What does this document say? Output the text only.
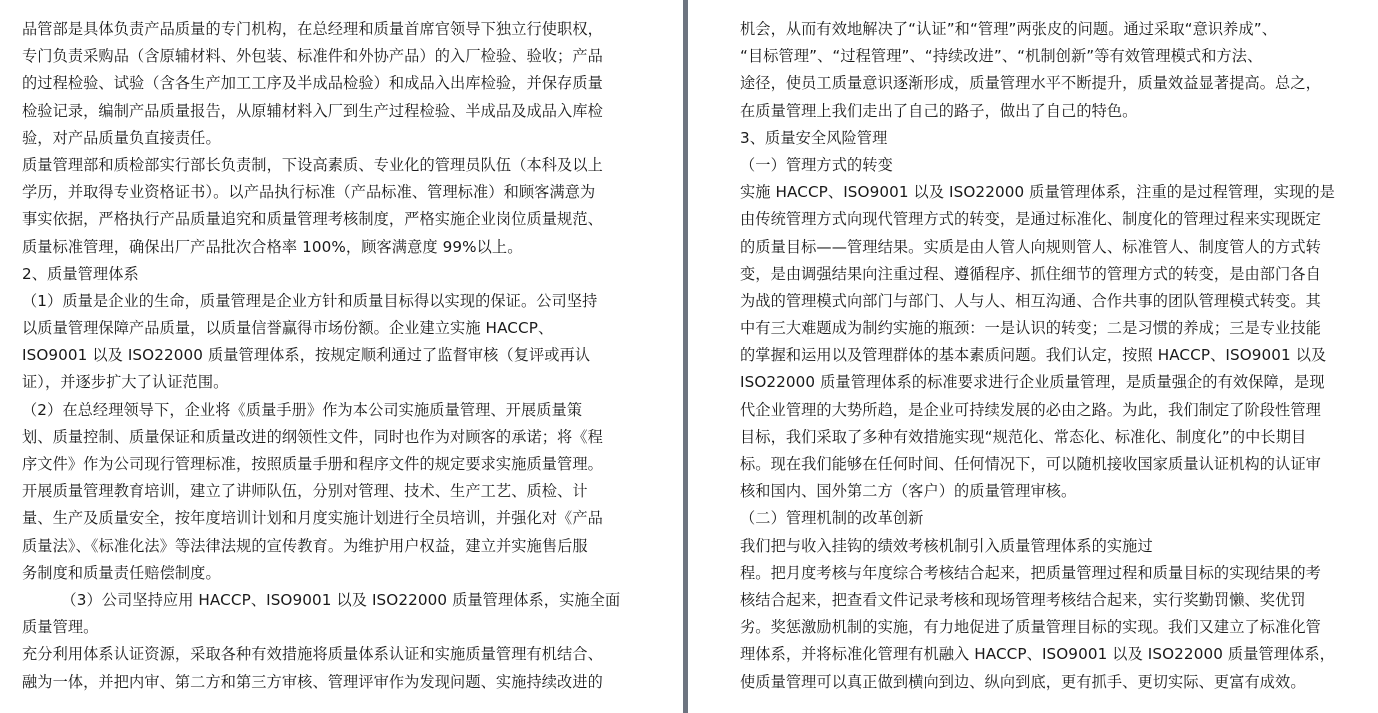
品管部是具体负责产品质量的专门机构，在总经理和质量首席官领导下独立行使职权，
专门负责采购品（含原辅材料、外包装、标准件和外协产品）的入厂检验、验收；产品
的过程检验、试验（含各生产加工工序及半成品检验）和成品入出库检验，并保存质量
检验记录，编制产品质量报告，从原辅材料入厂到生产过程检验、半成品及成品入库检
验，对产品质量负直接责任。
质量管理部和质检部实行部长负责制，下设高素质、专业化的管理员队伍（本科及以上
学历，并取得专业资格证书）。以产品执行标准（产品标准、管理标准）和顾客满意为
事实依据，严格执行产品质量追究和质量管理考核制度，严格实施企业岗位质量规范、
质量标准管理，确保出厂产品批次合格率 100%，顾客满意度 99%以上。
2、质量管理体系
（1）质量是企业的生命，质量管理是企业方针和质量目标得以实现的保证。公司坚持
以质量管理保障产品质量，以质量信誉赢得市场份额。企业建立实施 HACCP、
ISO9001 以及 ISO22000 质量管理体系，按规定顺利通过了监督审核（复评或再认
证），并逐步扩大了认证范围。
（2）在总经理领导下，企业将《质量手册》作为本公司实施质量管理、开展质量策
划、质量控制、质量保证和质量改进的纲领性文件，同时也作为对顾客的承诺；将《程
序文件》作为公司现行管理标准，按照质量手册和程序文件的规定要求实施质量管理。
开展质量管理教育培训，建立了讲师队伍，分别对管理、技术、生产工艺、质检、计
量、生产及质量安全，按年度培训计划和月度实施计划进行全员培训，并强化对《产品
质量法》、《标准化法》等法律法规的宣传教育。为维护用户权益，建立并实施售后服
务制度和质量责任赔偿制度。
（3）公司坚持应用 HACCP、ISO9001 以及 ISO22000 质量管理体系，实施全面
质量管理。
充分利用体系认证资源，采取各种有效措施将质量体系认证和实施质量管理有机结合、
融为一体，并把内审、第二方和第三方审核、管理评审作为发现问题、实施持续改进的
机会，从而有效地解决了“认证”和“管理”两张皮的问题。通过采取“意识养成”、
“目标管理”、“过程管理”、“持续改进”、“机制创新”等有效管理模式和方法、
途径，使员工质量意识逐渐形成，质量管理水平不断提升，质量效益显著提高。总之，
在质量管理上我们走出了自己的路子，做出了自己的特色。
3、质量安全风险管理
（一）管理方式的转变
实施 HACCP、ISO9001 以及 ISO22000 质量管理体系，注重的是过程管理，实现的是
由传统管理方式向现代管理方式的转变，是通过标准化、制度化的管理过程来实现既定
的质量目标——管理结果。实质是由人管人向规则管人、标准管人、制度管人的方式转
变，是由调强结果向注重过程、遵循程序、抓住细节的管理方式的转变，是由部门各自
为战的管理模式向部门与部门、人与人、相互沟通、合作共事的团队管理模式转变。其
中有三大难题成为制约实施的瓶颈：一是认识的转变；二是习惯的养成；三是专业技能
的掌握和运用以及管理群体的基本素质问题。我们认定，按照 HACCP、ISO9001 以及
ISO22000 质量管理体系的标准要求进行企业质量管理，是质量强企的有效保障，是现
代企业管理的大势所趋，是企业可持续发展的必由之路。为此，我们制定了阶段性管理
目标，我们采取了多种有效措施实现“规范化、常态化、标准化、制度化”的中长期目
标。现在我们能够在任何时间、任何情况下，可以随机接收国家质量认证机构的认证审
核和国内、国外第二方（客户）的质量管理审核。
（二）管理机制的改革创新
我们把与收入挂钩的绩效考核机制引入质量管理体系的实施过
程。把月度考核与年度综合考核结合起来，把质量管理过程和质量目标的实现结果的考
核结合起来，把查看文件记录考核和现场管理考核结合起来，实行奖勤罚懒、奖优罚
劣。奖惩激励机制的实施，有力地促进了质量管理目标的实现。我们又建立了标准化管
理体系，并将标准化管理有机融入 HACCP、ISO9001 以及 ISO22000 质量管理体系，
使质量管理可以真正做到横向到边、纵向到底，更有抓手、更切实际、更富有成效。
